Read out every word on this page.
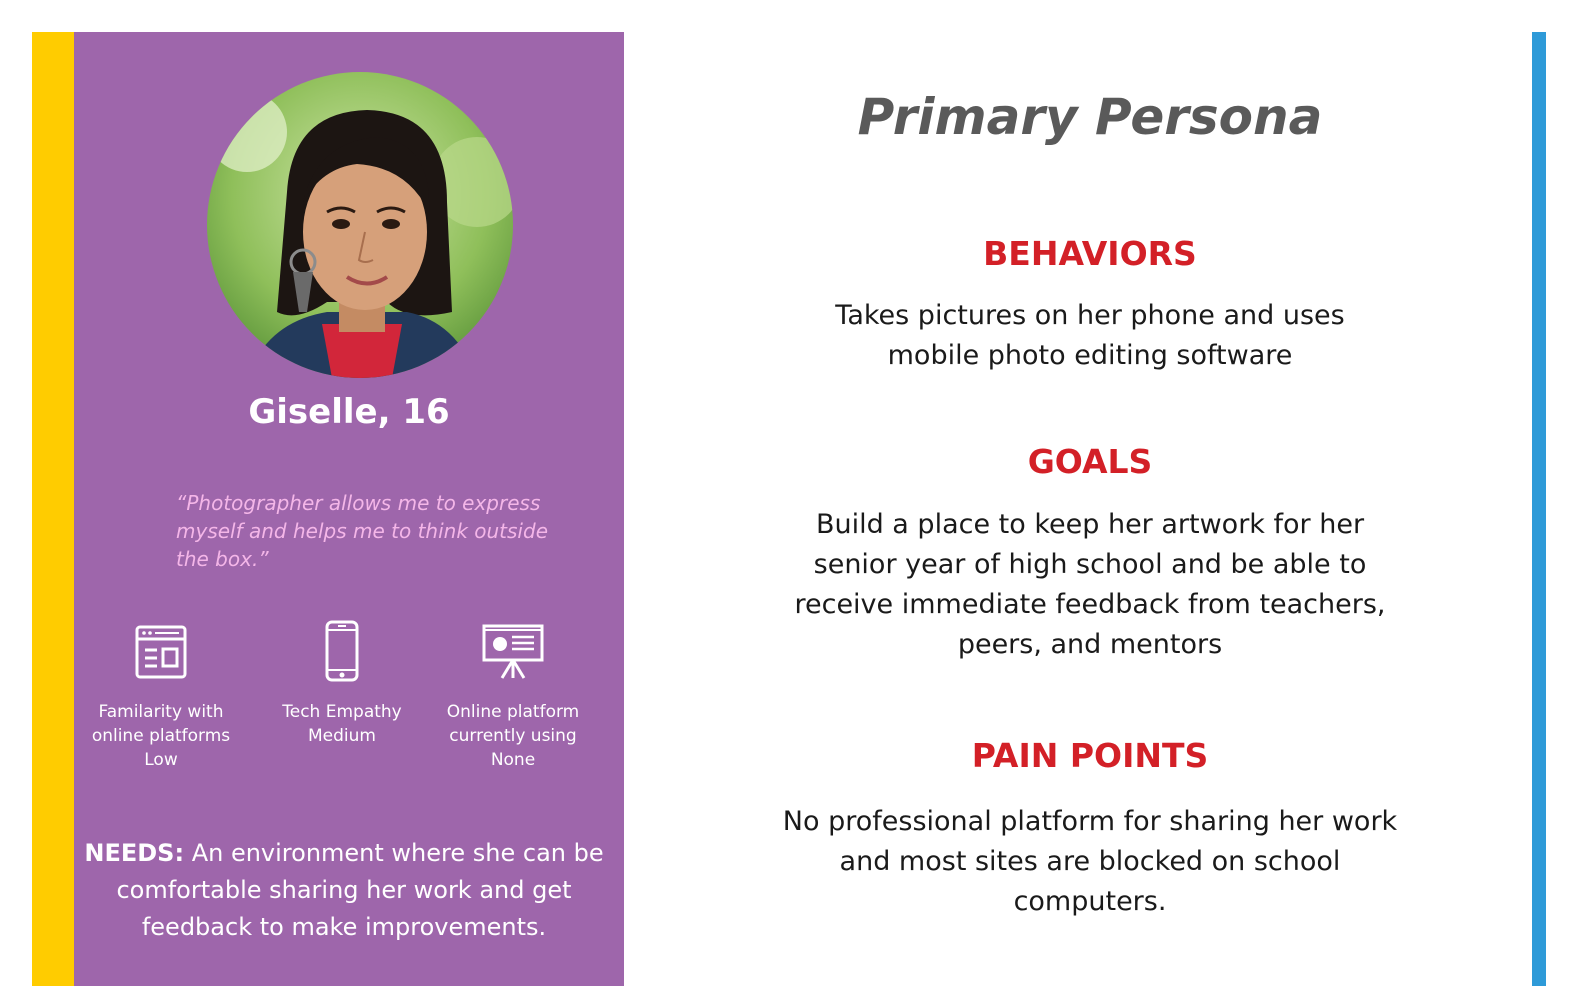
Giselle, 16
“Photographer allows me to express myself and helps me to think outside the box.”
Familarity with
online platforms
Low
Tech Empathy
Medium
Online platform
currently using
None
NEEDS: An environment where she can be comfortable sharing her work and get feedback to make improvements.
Primary Persona
BEHAVIORS
Takes pictures on her phone and uses mobile photo editing software
GOALS
Build a place to keep her artwork for her senior year of high school and be able to receive immediate feedback from teachers, peers, and mentors
PAIN POINTS
No professional platform for sharing her work and most sites are blocked on school computers.
